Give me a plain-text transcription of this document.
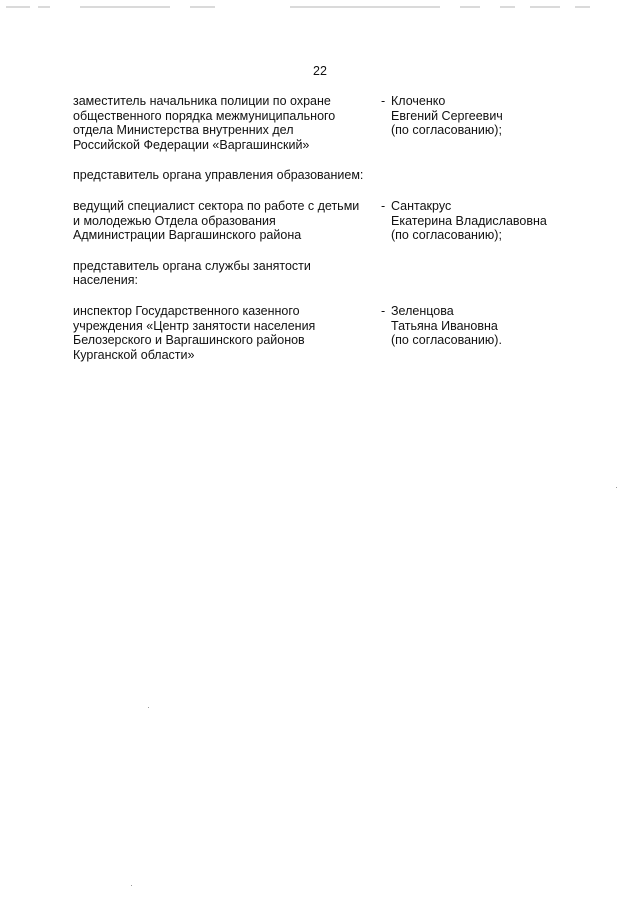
22
заместитель начальника полиции по охране
общественного порядка межмуниципального
отдела Министерства внутренних дел
Российской Федерации «Варгашинский»
- Клоченко
Евгений Сергеевич
(по согласованию);
представитель органа управления образованием:
ведущий специалист сектора по работе с детьми
и молодежью Отдела образования
Администрации Варгашинского района
- Сантакрус
Екатерина Владиславовна
(по согласованию);
представитель органа службы занятости
населения:
инспектор Государственного казенного
учреждения «Центр занятости населения
Белозерского и Варгашинского районов
Курганской области»
- Зеленцова
Татьяна Ивановна
(по согласованию).
